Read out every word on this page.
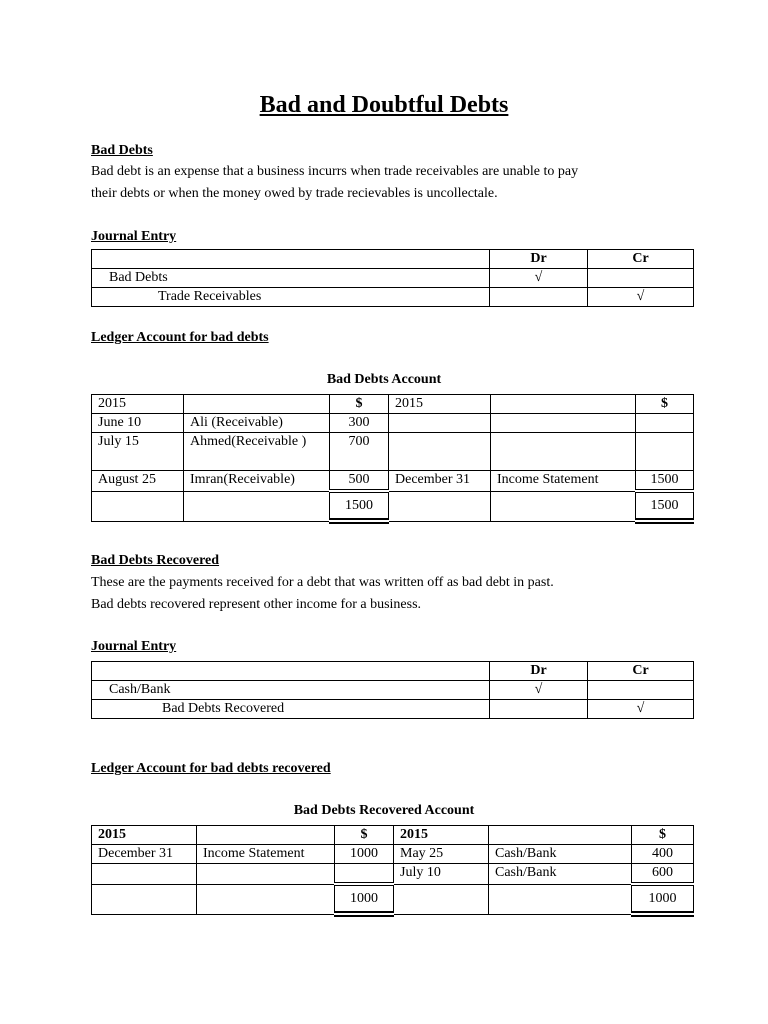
Bad and Doubtful Debts
Bad Debts
Bad debt is an expense that a business incurrs when trade receivables are unable to pay
their debts or when the money owed by trade recievables is uncollectale.
Journal Entry
	Dr	Cr
Bad Debts	√	
Trade Receivables		√
Ledger Account for bad debts
Bad Debts Account
2015		$	2015		$
June 10	Ali (Receivable)	300			
July 15	Ahmed(Receivable )	700			
August 25	Imran(Receivable)	500	December 31	Income Statement	1500
		1500			1500
Bad Debts Recovered
These are the payments received for a debt that was written off as bad debt in past.
Bad debts recovered represent other income for a business.
Journal Entry
	Dr	Cr
Cash/Bank	√	
Bad Debts Recovered		√
Ledger Account for bad debts recovered
Bad Debts Recovered Account
2015		$	2015		$
December 31	Income Statement	1000	May 25	Cash/Bank	400
			July 10	Cash/Bank	600
		1000			1000
